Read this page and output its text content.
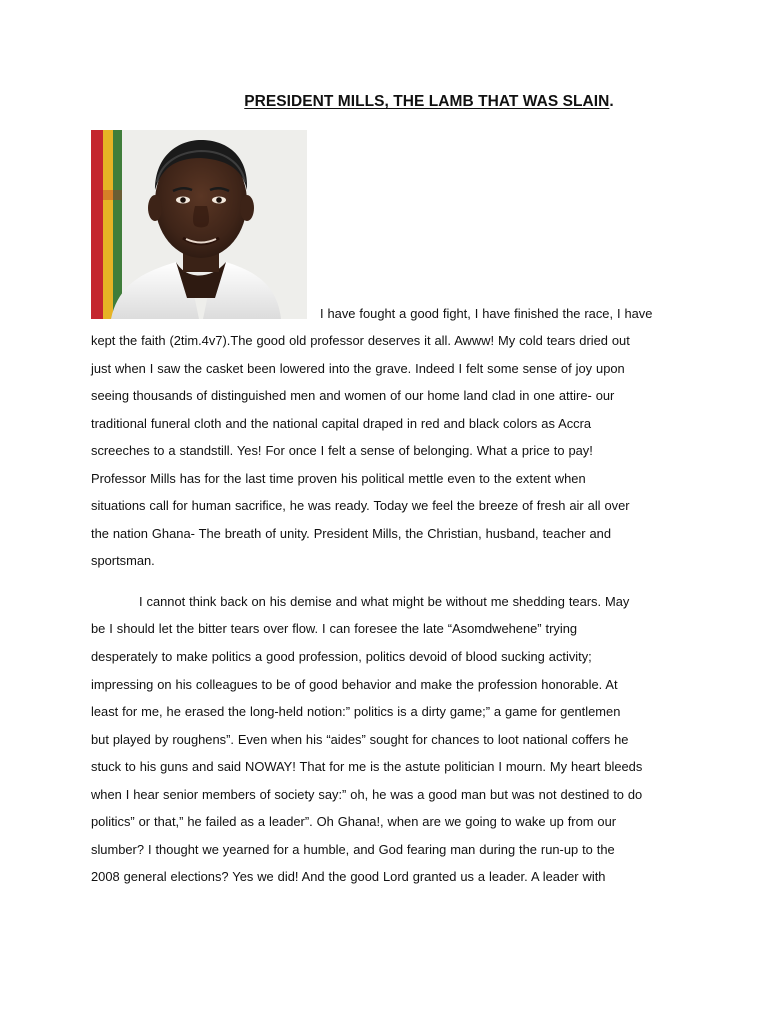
PRESIDENT MILLS, THE LAMB THAT WAS SLAIN.
I have fought a good fight, I have finished the race, I have
kept the faith (2tim.4v7).The good old professor deserves it all. Awww! My cold tears dried out
just when I saw the casket been lowered into the grave. Indeed I felt some sense of joy upon
seeing thousands of distinguished men and women of our home land clad in one attire- our
traditional funeral cloth and the national capital draped in red and black colors as Accra
screeches to a standstill. Yes! For once I felt a sense of belonging. What a price to pay!
Professor Mills has for the last time proven his political mettle even to the extent when
situations call for human sacrifice, he was ready. Today we feel the breeze of fresh air all over
the nation Ghana- The breath of unity. President Mills, the Christian, husband, teacher and
sportsman.
I cannot think back on his demise and what might be without me shedding tears. May
be I should let the bitter tears over flow. I can foresee the late “Asomdwehene” trying
desperately to make politics a good profession, politics devoid of blood sucking activity;
impressing on his colleagues to be of good behavior and make the profession honorable. At
least for me, he erased the long-held notion:” politics is a dirty game;” a game for gentlemen
but played by roughens”. Even when his “aides” sought for chances to loot national coffers he
stuck to his guns and said NOWAY! That for me is the astute politician I mourn. My heart bleeds
when I hear senior members of society say:” oh, he was a good man but was not destined to do
politics” or that,” he failed as a leader”. Oh Ghana!, when are we going to wake up from our
slumber? I thought we yearned for a humble, and God fearing man during the run-up to the
2008 general elections? Yes we did! And the good Lord granted us a leader. A leader with
